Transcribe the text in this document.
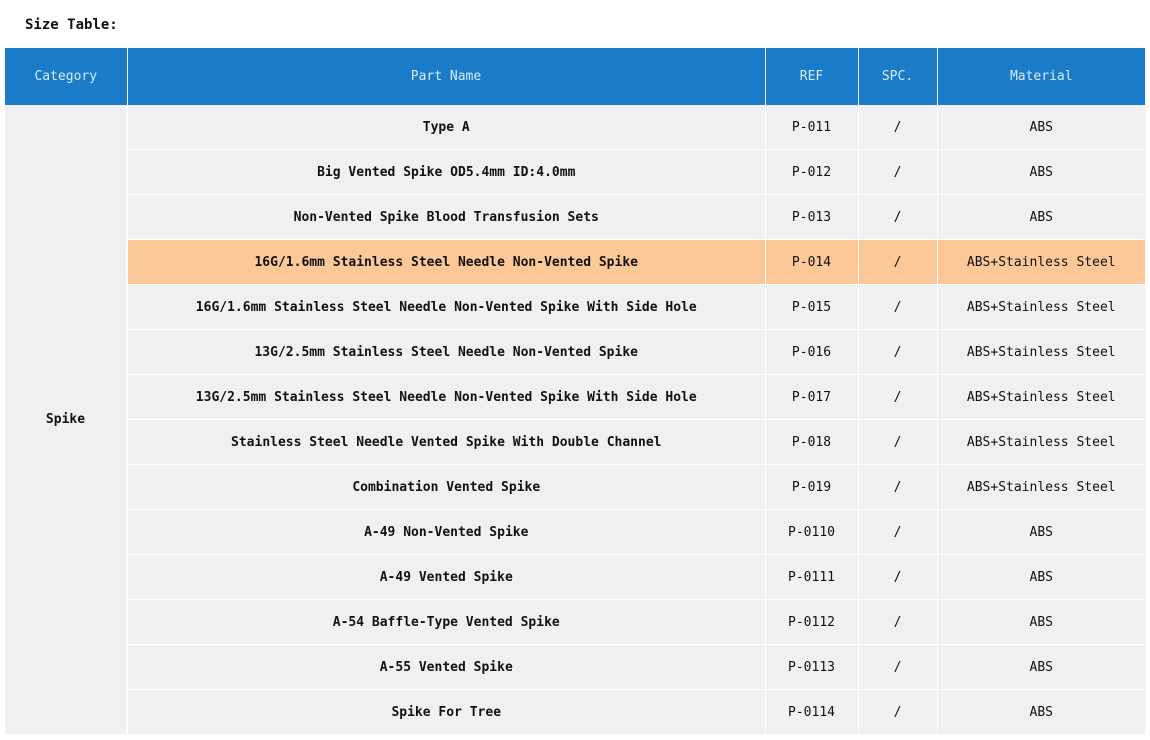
Size Table:
Category	Part Name	REF	SPC.	Material
Spike	Type A	P-011	/	ABS
	Big Vented Spike OD5.4mm ID:4.0mm	P-012	/	ABS
	Non-Vented Spike Blood Transfusion Sets	P-013	/	ABS
	16G/1.6mm Stainless Steel Needle Non-Vented Spike	P-014	/	ABS+Stainless Steel
	16G/1.6mm Stainless Steel Needle Non-Vented Spike With Side Hole	P-015	/	ABS+Stainless Steel
	13G/2.5mm Stainless Steel Needle Non-Vented Spike	P-016	/	ABS+Stainless Steel
	13G/2.5mm Stainless Steel Needle Non-Vented Spike With Side Hole	P-017	/	ABS+Stainless Steel
	Stainless Steel Needle Vented Spike With Double Channel	P-018	/	ABS+Stainless Steel
	Combination Vented Spike	P-019	/	ABS+Stainless Steel
	A-49 Non-Vented Spike	P-0110	/	ABS
	A-49 Vented Spike	P-0111	/	ABS
	A-54 Baffle-Type Vented Spike	P-0112	/	ABS
	A-55 Vented Spike	P-0113	/	ABS
	Spike For Tree	P-0114	/	ABS
